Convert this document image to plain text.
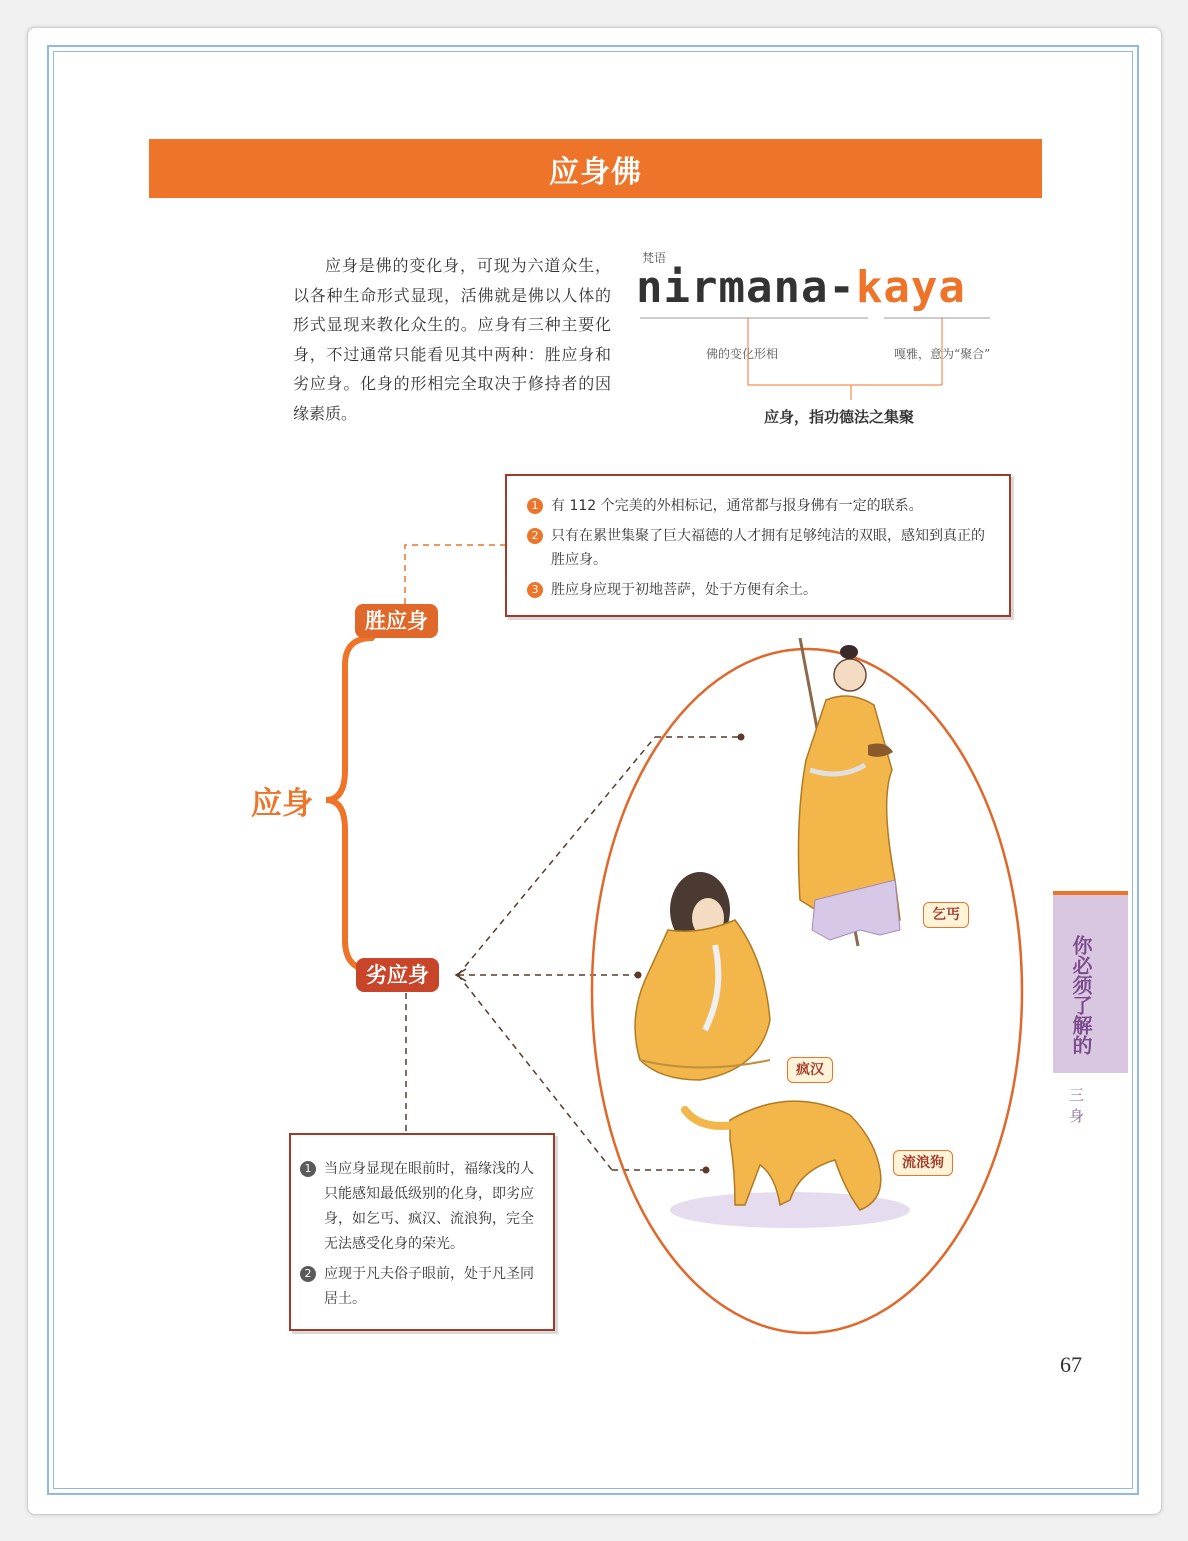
应身佛
应身是佛的变化身，可现为六道众生，以各种生命形式显现，活佛就是佛以人体的形式显现来教化众生的。应身有三种主要化身，不过通常只能看见其中两种：胜应身和劣应身。化身的形相完全取决于修持者的因缘素质。
梵语
nirmana-kaya
佛的变化形相	嘎雅，意为“聚合”
应身，指功德法之集聚
1 有 112 个完美的外相标记，通常都与报身佛有一定的联系。
2 只有在累世集聚了巨大福德的人才拥有足够纯洁的双眼，感知到真正的胜应身。
3 胜应身应现于初地菩萨，处于方便有余土。
应身
胜应身
劣应身
1 当应身显现在眼前时，福缘浅的人只能感知最低级别的化身，即劣应身，如乞丐、疯汉、流浪狗，完全无法感受化身的荣光。
2 应现于凡夫俗子眼前，处于凡圣同居土。
乞丐
疯汉
流浪狗
你必须了解的
三身
67
